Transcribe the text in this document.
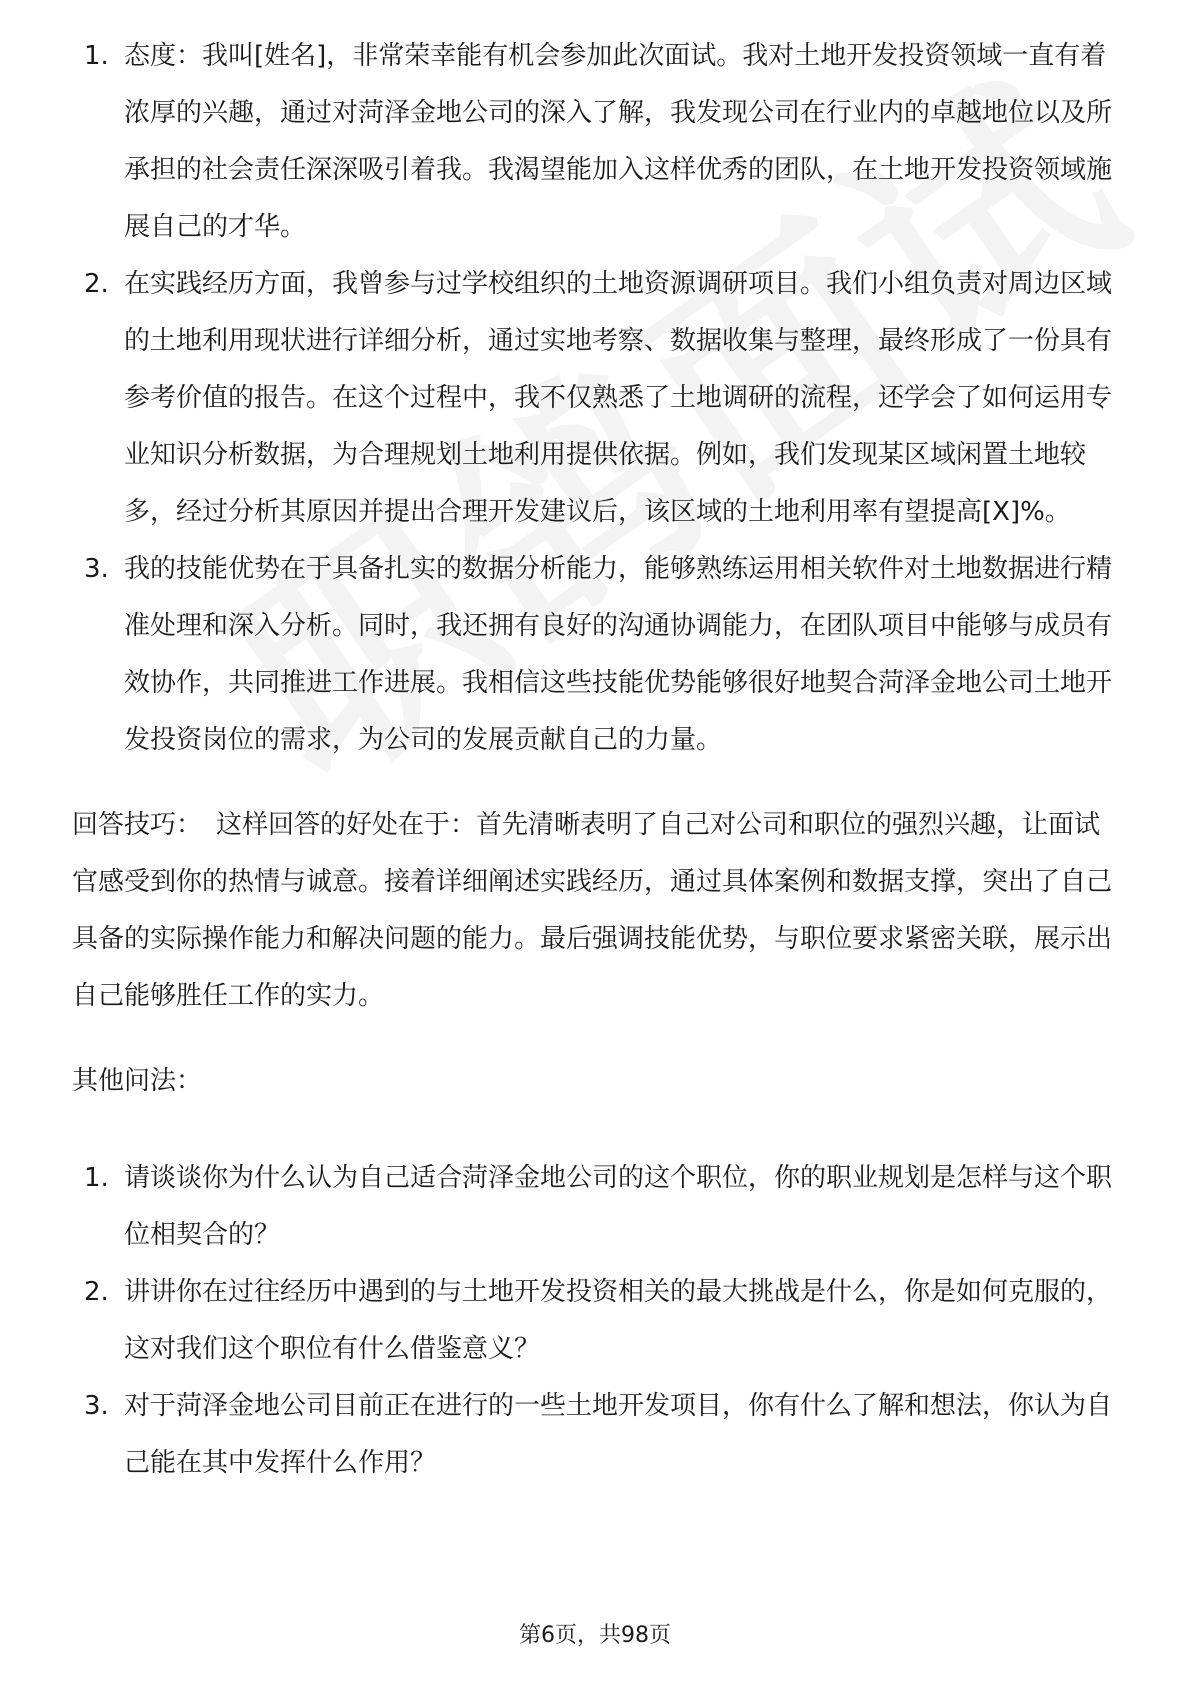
1. 态度：我叫[姓名]，非常荣幸能有机会参加此次面试。我对土地开发投资领域一直有着浓厚的兴趣，通过对菏泽金地公司的深入了解，我发现公司在行业内的卓越地位以及所承担的社会责任深深吸引着我。我渴望能加入这样优秀的团队，在土地开发投资领域施展自己的才华。
2. 在实践经历方面，我曾参与过学校组织的土地资源调研项目。我们小组负责对周边区域的土地利用现状进行详细分析，通过实地考察、数据收集与整理，最终形成了一份具有参考价值的报告。在这个过程中，我不仅熟悉了土地调研的流程，还学会了如何运用专业知识分析数据，为合理规划土地利用提供依据。例如，我们发现某区域闲置土地较多，经过分析其原因并提出合理开发建议后，该区域的土地利用率有望提高[X]%。
3. 我的技能优势在于具备扎实的数据分析能力，能够熟练运用相关软件对土地数据进行精准处理和深入分析。同时，我还拥有良好的沟通协调能力，在团队项目中能够与成员有效协作，共同推进工作进展。我相信这些技能优势能够很好地契合菏泽金地公司土地开发投资岗位的需求，为公司的发展贡献自己的力量。
回答技巧： 这样回答的好处在于：首先清晰表明了自己对公司和职位的强烈兴趣，让面试官感受到你的热情与诚意。接着详细阐述实践经历，通过具体案例和数据支撑，突出了自己具备的实际操作能力和解决问题的能力。最后强调技能优势，与职位要求紧密关联，展示出自己能够胜任工作的实力。
其他问法：
1. 请谈谈你为什么认为自己适合菏泽金地公司的这个职位，你的职业规划是怎样与这个职位相契合的？
2. 讲讲你在过往经历中遇到的与土地开发投资相关的最大挑战是什么，你是如何克服的，这对我们这个职位有什么借鉴意义？
3. 对于菏泽金地公司目前正在进行的一些土地开发项目，你有什么了解和想法，你认为自己能在其中发挥什么作用？
第6页，共98页
